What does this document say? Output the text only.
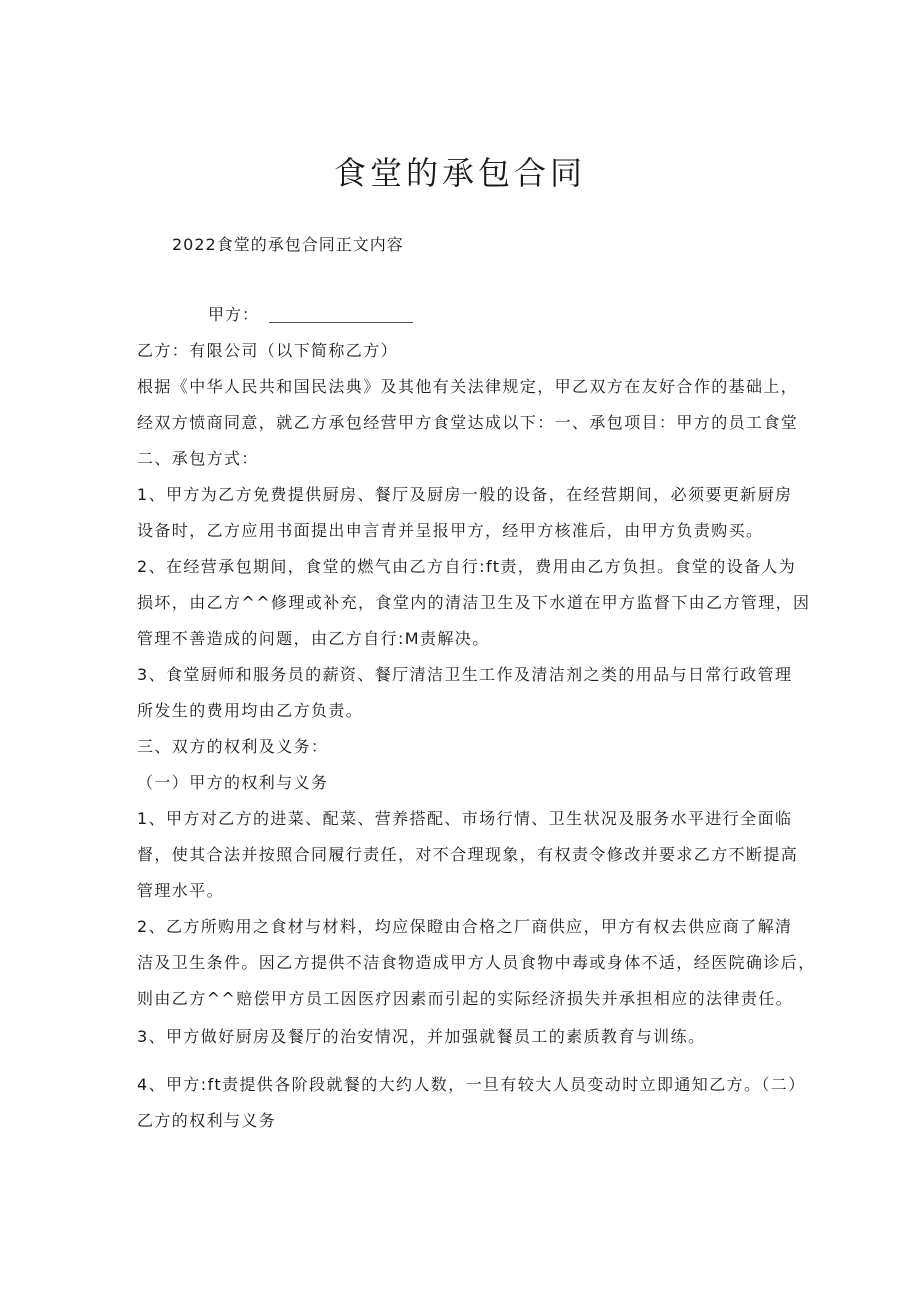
食堂的承包合同
2022食堂的承包合同正文内容
甲方：
乙方：有限公司（以下简称乙方）
根据《中华人民共和国民法典》及其他有关法律规定，甲乙双方在友好合作的基础上，
经双方愤商同意，就乙方承包经营甲方食堂达成以下：一、承包项目：甲方的员工食堂
二、承包方式：
1、甲方为乙方免费提供厨房、餐厅及厨房一般的设备，在经营期间，必须要更新厨房
设备时，乙方应用书面提出申言青并呈报甲方，经甲方核准后，由甲方负责购买。
2、在经营承包期间，食堂的燃气由乙方自行:ft责，费用由乙方负担。食堂的设备人为
损坏，由乙方^^修理或补充，食堂内的清洁卫生及下水道在甲方监督下由乙方管理，因
管理不善造成的问题，由乙方自行:M责解决。
3、食堂厨师和服务员的薪资、餐厅清洁卫生工作及清洁剂之类的用品与日常行政管理
所发生的费用均由乙方负责。
三、双方的权利及义务：
（一）甲方的权利与义务
1、甲方对乙方的进菜、配菜、营养搭配、市场行情、卫生状况及服务水平进行全面临
督，使其合法并按照合同履行责任，对不合理现象，有权责令修改并要求乙方不断提高
管理水平。
2、乙方所购用之食材与材料，均应保瞪由合格之厂商供应，甲方有权去供应商了解清
洁及卫生条件。因乙方提供不洁食物造成甲方人员食物中毒或身体不适，经医院确诊后，
则由乙方^^赔偿甲方员工因医疗因素而引起的实际经济损失并承担相应的法律责任。
3、甲方做好厨房及餐厅的治安情况，并加强就餐员工的素质教育与训练。
4、甲方:ft责提供各阶段就餐的大约人数，一旦有较大人员变动时立即通知乙方。（二）
乙方的权利与义务
